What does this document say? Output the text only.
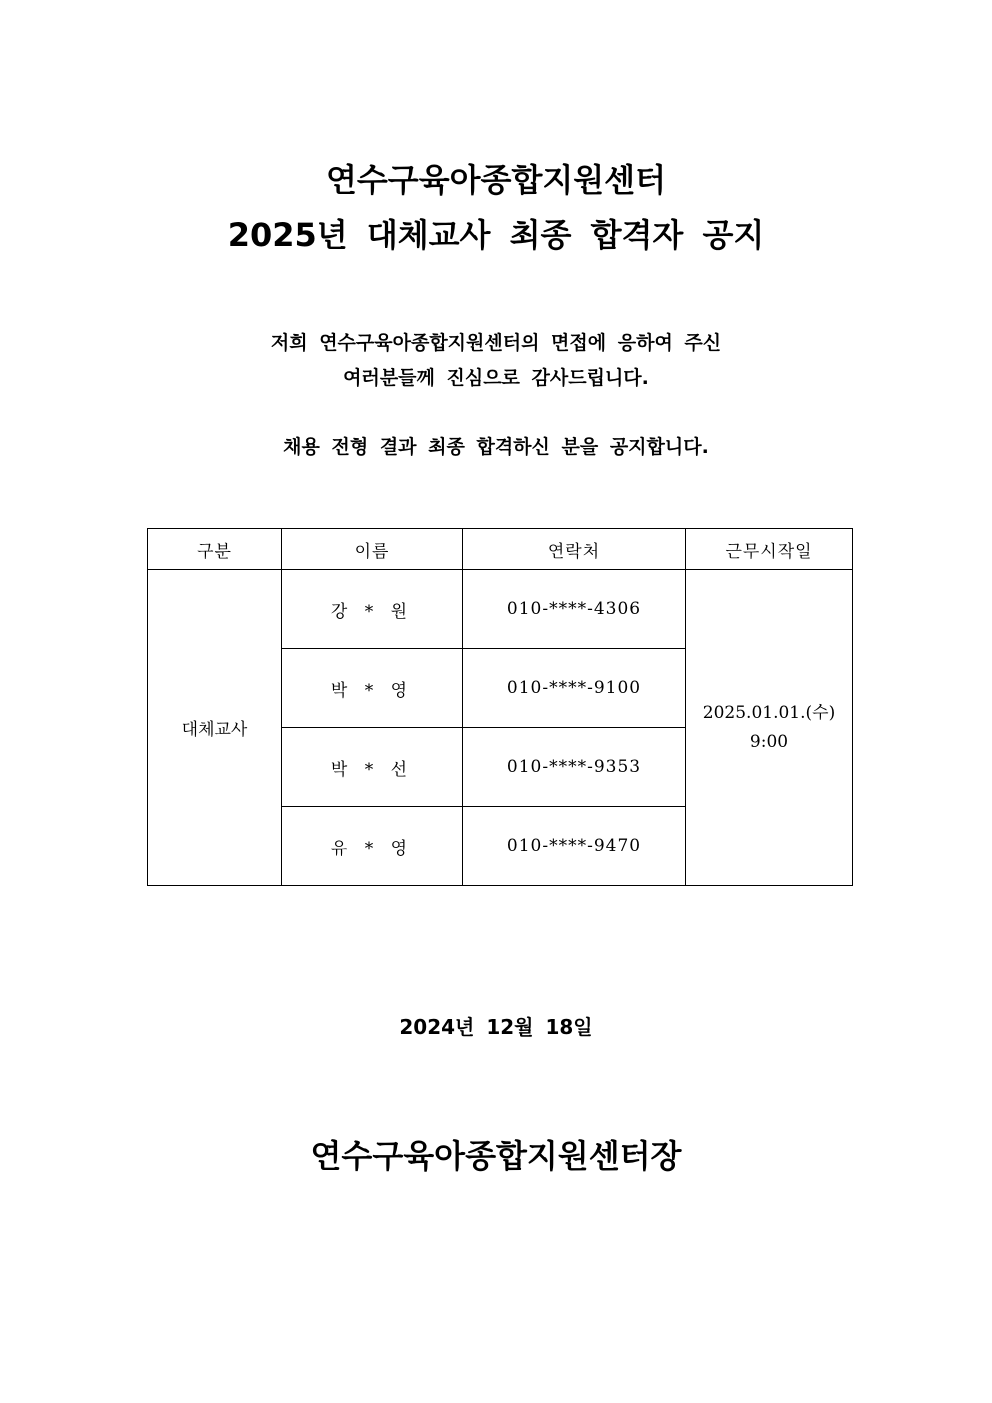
연수구육아종합지원센터
2025년 대체교사 최종 합격자 공지
저희 연수구육아종합지원센터의 면접에 응하여 주신
여러분들께 진심으로 감사드립니다.
채용 전형 결과 최종 합격하신 분을 공지합니다.
구분	이름	연락처	근무시작일
대체교사	강 * 원	010-****-4306	2025.01.01.(수)
9:00
	박 * 영	010-****-9100	
	박 * 선	010-****-9353	
	유 * 영	010-****-9470	
2024년 12월 18일
연수구육아종합지원센터장
